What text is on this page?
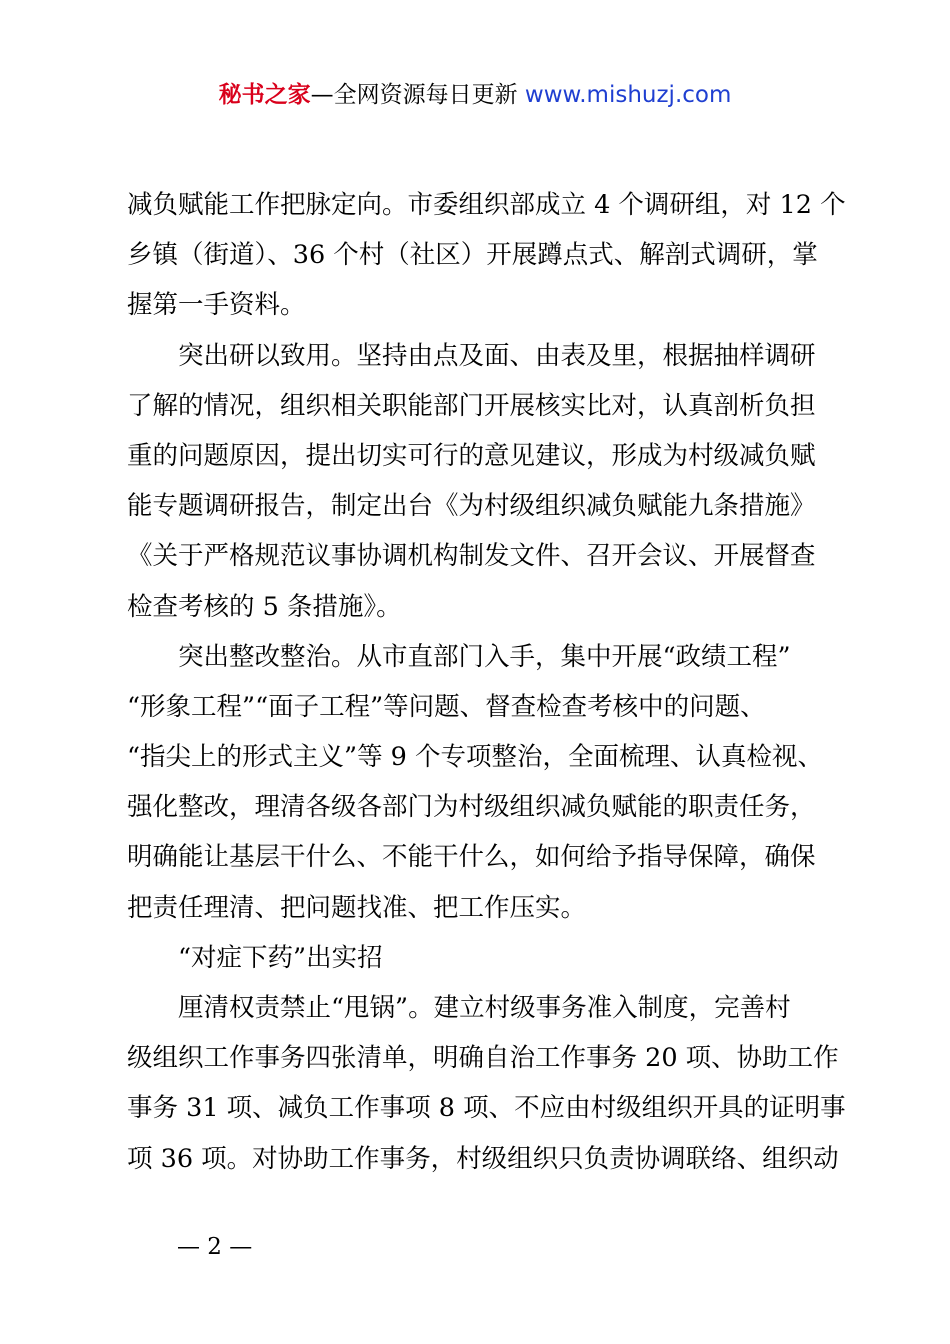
秘书之家—全网资源每日更新 www.mishuzj.com
减负赋能工作把脉定向。市委组织部成立 4 个调研组，对 12 个
乡镇（街道）、36 个村（社区）开展蹲点式、解剖式调研，掌
握第一手资料。
突出研以致用。坚持由点及面、由表及里，根据抽样调研
了解的情况，组织相关职能部门开展核实比对，认真剖析负担
重的问题原因，提出切实可行的意见建议，形成为村级减负赋
能专题调研报告，制定出台《为村级组织减负赋能九条措施》
《关于严格规范议事协调机构制发文件、召开会议、开展督查
检查考核的 5 条措施》。
突出整改整治。从市直部门入手，集中开展“政绩工程”
“形象工程”“面子工程”等问题、督查检查考核中的问题、
“指尖上的形式主义”等 9 个专项整治，全面梳理、认真检视、
强化整改，理清各级各部门为村级组织减负赋能的职责任务，
明确能让基层干什么、不能干什么，如何给予指导保障，确保
把责任理清、把问题找准、把工作压实。
“对症下药”出实招
厘清权责禁止“甩锅”。建立村级事务准入制度，完善村
级组织工作事务四张清单，明确自治工作事务 20 项、协助工作
事务 31 项、减负工作事项 8 项、不应由村级组织开具的证明事
项 36 项。对协助工作事务，村级组织只负责协调联络、组织动
— 2 —
